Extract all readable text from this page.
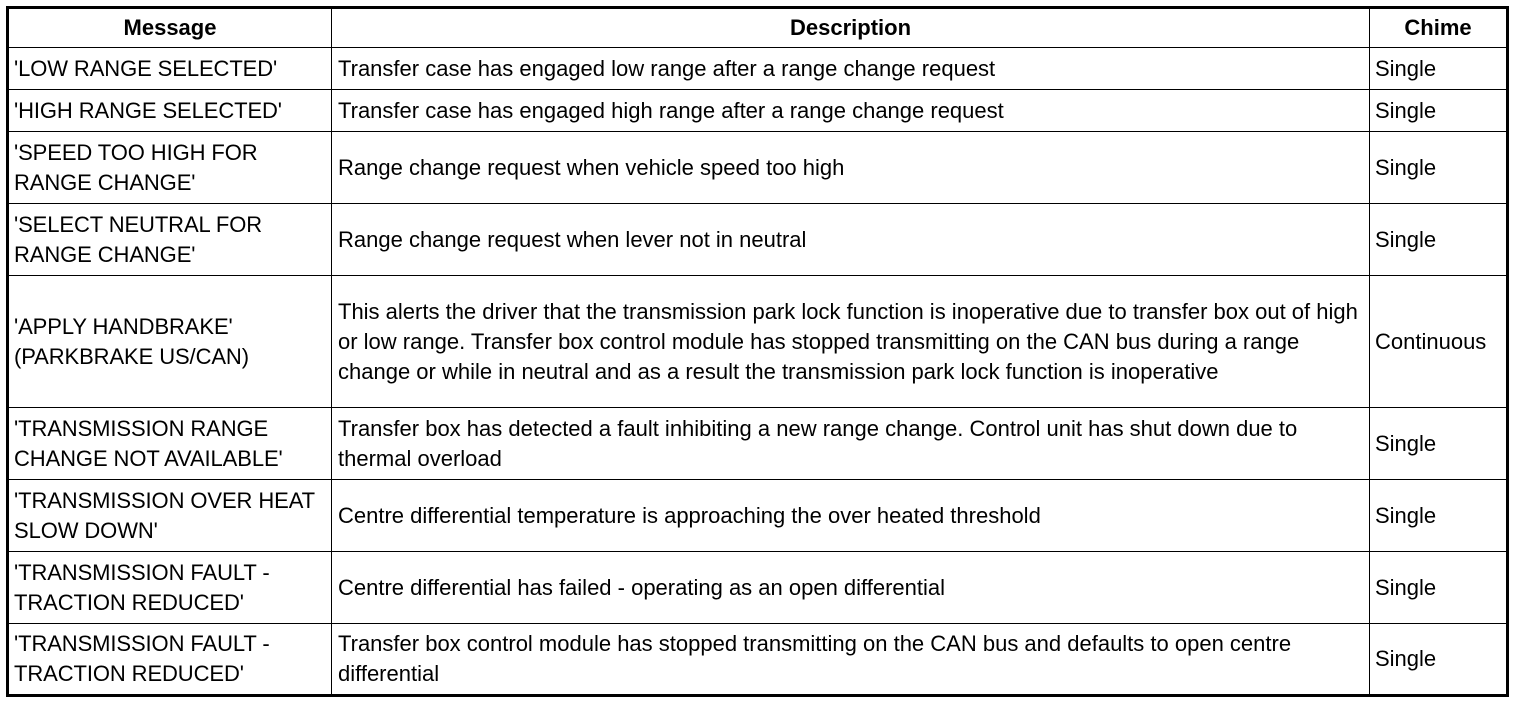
Message	Description	Chime
'LOW RANGE SELECTED'	Transfer case has engaged low range after a range change request	Single
'HIGH RANGE SELECTED'	Transfer case has engaged high range after a range change request	Single
'SPEED TOO HIGH FOR RANGE CHANGE'	Range change request when vehicle speed too high	Single
'SELECT NEUTRAL FOR RANGE CHANGE'	Range change request when lever not in neutral	Single
'APPLY HANDBRAKE' (PARKBRAKE US/CAN)	This alerts the driver that the transmission park lock function is inoperative due to transfer box out of high or low range. Transfer box control module has stopped transmitting on the CAN bus during a range change or while in neutral and as a result the transmission park lock function is inoperative	Continuous
'TRANSMISSION RANGE CHANGE NOT AVAILABLE'	Transfer box has detected a fault inhibiting a new range change. Control unit has shut down due to thermal overload	Single
'TRANSMISSION OVER HEAT SLOW DOWN'	Centre differential temperature is approaching the over heated threshold	Single
'TRANSMISSION FAULT - TRACTION REDUCED'	Centre differential has failed - operating as an open differential	Single
'TRANSMISSION FAULT - TRACTION REDUCED'	Transfer box control module has stopped transmitting on the CAN bus and defaults to open centre differential	Single
